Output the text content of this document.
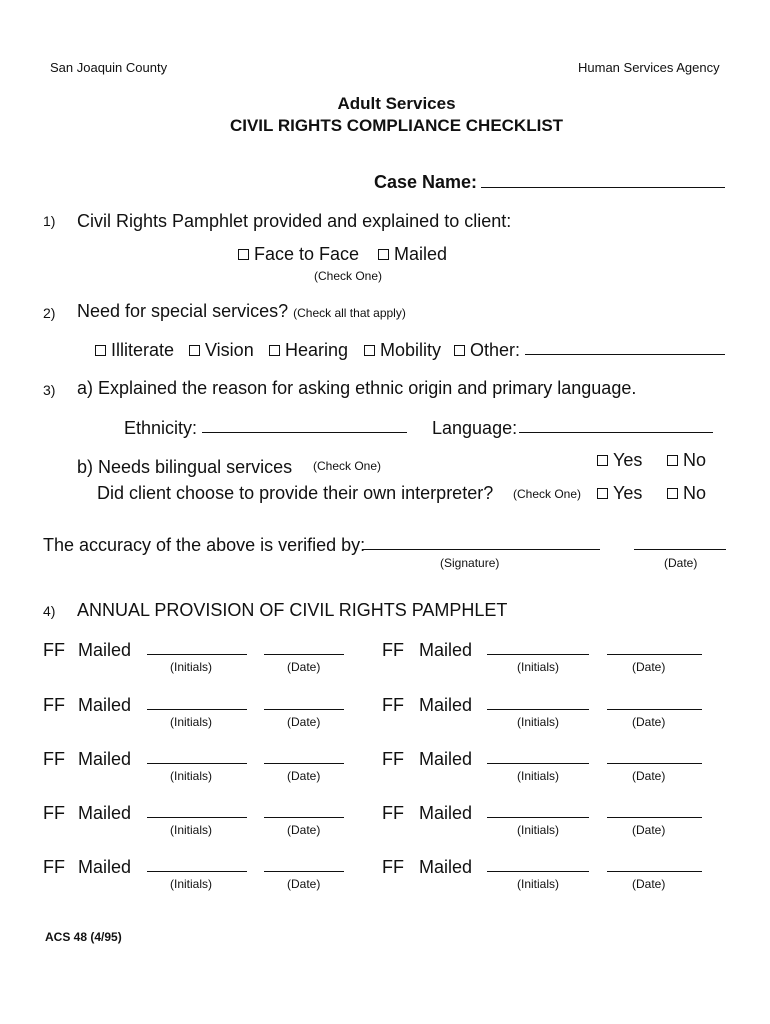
San Joaquin County	Human Services Agency
Adult Services
CIVIL RIGHTS COMPLIANCE CHECKLIST
Case Name:
1) Civil Rights Pamphlet provided and explained to client:
Face to Face	Mailed
(Check One)
2) Need for special services? (Check all that apply)
Illiterate	Vision	Hearing	Mobility	Other:
3) a) Explained the reason for asking ethnic origin and primary language.
Ethnicity:	Language:
b) Needs bilingual services (Check One)	Yes	No
Did client choose to provide their own interpreter? (Check One)	Yes	No
The accuracy of the above is verified by:
(Signature)	(Date)
4) ANNUAL PROVISION OF CIVIL RIGHTS PAMPHLET
FF Mailed
(Initials)	(Date)
FF Mailed
(Initials)	(Date)
FF Mailed
(Initials)	(Date)
FF Mailed
(Initials)	(Date)
FF Mailed
(Initials)	(Date)
FF Mailed
(Initials)	(Date)
FF Mailed
(Initials)	(Date)
FF Mailed
(Initials)	(Date)
FF Mailed
(Initials)	(Date)
FF Mailed
(Initials)	(Date)
ACS 48 (4/95)
